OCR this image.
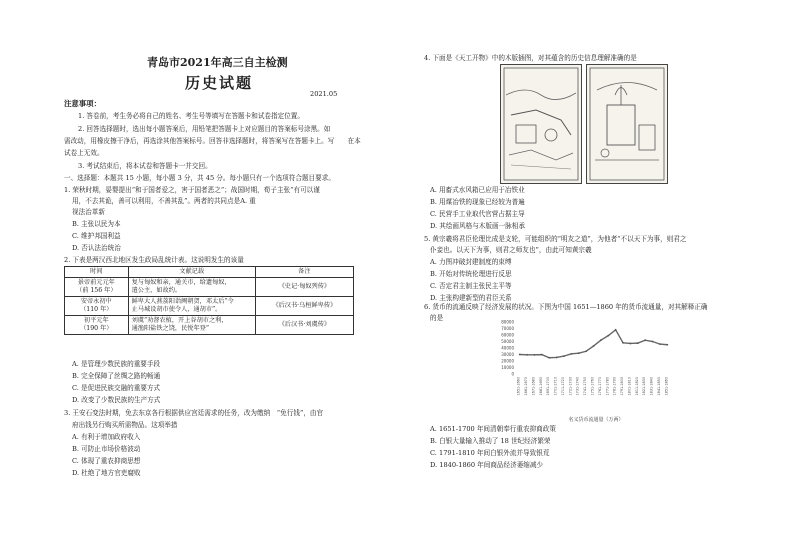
青岛市2021年高三自主检测
历史试题
2021.05
注意事项：
1. 答卷前，考生务必将自己的姓名、考生号等填写在答题卡和试卷指定位置。
2. 回答选择题时，选出每小题答案后，用铅笔把答题卡上对应题目的答案标号涂黑。如
需改动，用橡皮擦干净后，再选涂其他答案标号。回答非选择题时，将答案写在答题卡上。写　　在本
试卷上无效。
3. 考试结束后，将本试卷和答题卡一并交回。
一、选择题：本题共 15 小题，每小题 3 分，共 45 分。每小题只有一个选项符合题目要求。
1. 荣秋时期，晏婴提出“和于国者爱之，害于国者恶之”；战国时期，荀子主张“有可以谨
用，不去其诡，善可以利用，不善其乱”。两者的共同点是A. 重
视法治革新
B. 主张以民为本
C. 维护邦国利益
D. 否认法治统治
2. 下表是两汉西北地区发生政局乱统计表。这说明发生的该量
时间	文献记载	备注
景帝前元元年
（前 156 年）	复与匈奴和亲，通关市，给遗匈奴，
遣公主，如故约。	《史记·匈奴列传》
安帝永初中
（110 年）	鲜卑大人燕荔阳诣阙朝贺，邓太后“令
止马城设胡市使令人，通胡市”。	《后汉书·乌桓鲜卑传》
初平元年
（190 年）	刘虞“劝督农植，开上谷胡市之利，
通渔阳盐铁之饶，民悦年登”	《后汉书·刘虞传》
A. 是管理少数民族的重要手段
B. 完全保障了丝绸之路的畅通
C. 是促进民族交融的重要方式
D. 改变了少数民族的生产方式
3. 王安石变法时期，免去东京各行根据供应宫廷需求的任务，改为缴纳　“免行钱”，由官
府出钱另行购买所需物品。这项举措
A. 有利于增加政府收入
B. 可防止市场价格波动
C. 体现了重农抑商思想
D. 杜绝了地方官吏腐败
4. 下面是《天工开物》中的木版插图，对其蕴含的历史信息理解准确的是
A. 用畜式水风箱已应用于冶铁业
B. 用煤冶铁的现象已经较为普遍
C. 民营手工业取代官营占据主导
D. 其绘画风格与木版画一脉相承
5. 黄宗羲将君臣伦理比成是支轮，可能组织的“明友之道”，为他者“不以天下为事，则君之
仆妾也。以天下为事，则君之师友也”，由此可知黄宗羲
A. 力图冲破封建制度的束缚
B. 开始对传统伦理进行反思
C. 否定君主制主张民主平等
D. 主张构建新型的君臣关系
6. 货币的流通反映了经济发展的状况。下图为中国 1651—1860 年的货币流通量，对其解释正确
的是	80000
70000
60000
50000
40000
30000
20000
10000
0
1651-1660 1661-1670 1671-1680 1681-1690 1691-1700 1701-1710 1711-1720 1721-1730 1731-1740 1741-1750 1751-1760 1761-1770 1771-1780 1781-1790 1791-1800 1801-1810 1811-1820 1821-1830 1831-1840 1841-1850 1851-1860
名义货币流通量（万两）
A. 1651-1700 年间清朝奉行重农抑商政策
B. 白银大量输入推动了 18 世纪经济繁荣
C. 1791-1810 年间白银外流并导致银荒
D. 1840-1860 年间商品经济萎缩减少
